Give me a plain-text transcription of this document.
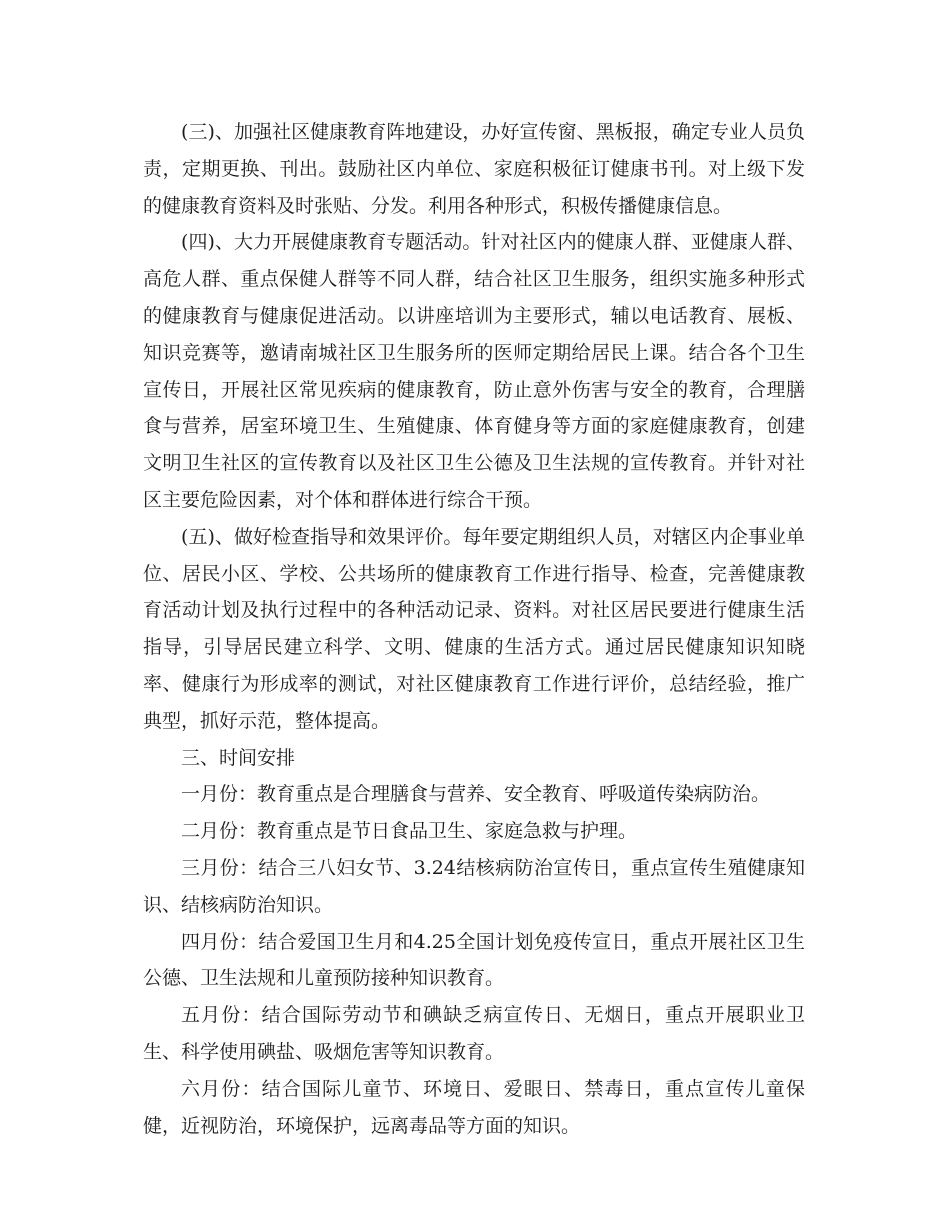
(三)、加强社区健康教育阵地建设，办好宣传窗、黑板报，确定专业人员负责，定期更换、刊出。鼓励社区内单位、家庭积极征订健康书刊。对上级下发的健康教育资料及时张贴、分发。利用各种形式，积极传播健康信息。

(四)、大力开展健康教育专题活动。针对社区内的健康人群、亚健康人群、高危人群、重点保健人群等不同人群，结合社区卫生服务，组织实施多种形式的健康教育与健康促进活动。以讲座培训为主要形式，辅以电话教育、展板、知识竞赛等，邀请南城社区卫生服务所的医师定期给居民上课。结合各个卫生宣传日，开展社区常见疾病的健康教育，防止意外伤害与安全的教育，合理膳食与营养，居室环境卫生、生殖健康、体育健身等方面的家庭健康教育，创建文明卫生社区的宣传教育以及社区卫生公德及卫生法规的宣传教育。并针对社区主要危险因素，对个体和群体进行综合干预。

(五)、做好检查指导和效果评价。每年要定期组织人员，对辖区内企事业单位、居民小区、学校、公共场所的健康教育工作进行指导、检查，完善健康教育活动计划及执行过程中的各种活动记录、资料。对社区居民要进行健康生活指导，引导居民建立科学、文明、健康的生活方式。通过居民健康知识知晓率、健康行为形成率的测试，对社区健康教育工作进行评价，总结经验，推广典型，抓好示范，整体提高。

三、时间安排

一月份：教育重点是合理膳食与营养、安全教育、呼吸道传染病防治。

二月份：教育重点是节日食品卫生、家庭急救与护理。

三月份：结合三八妇女节、3.24结核病防治宣传日，重点宣传生殖健康知识、结核病防治知识。

四月份：结合爱国卫生月和4.25全国计划免疫传宣日，重点开展社区卫生公德、卫生法规和儿童预防接种知识教育。

五月份：结合国际劳动节和碘缺乏病宣传日、无烟日，重点开展职业卫生、科学使用碘盐、吸烟危害等知识教育。

六月份：结合国际儿童节、环境日、爱眼日、禁毒日，重点宣传儿童保健，近视防治，环境保护，远离毒品等方面的知识。
